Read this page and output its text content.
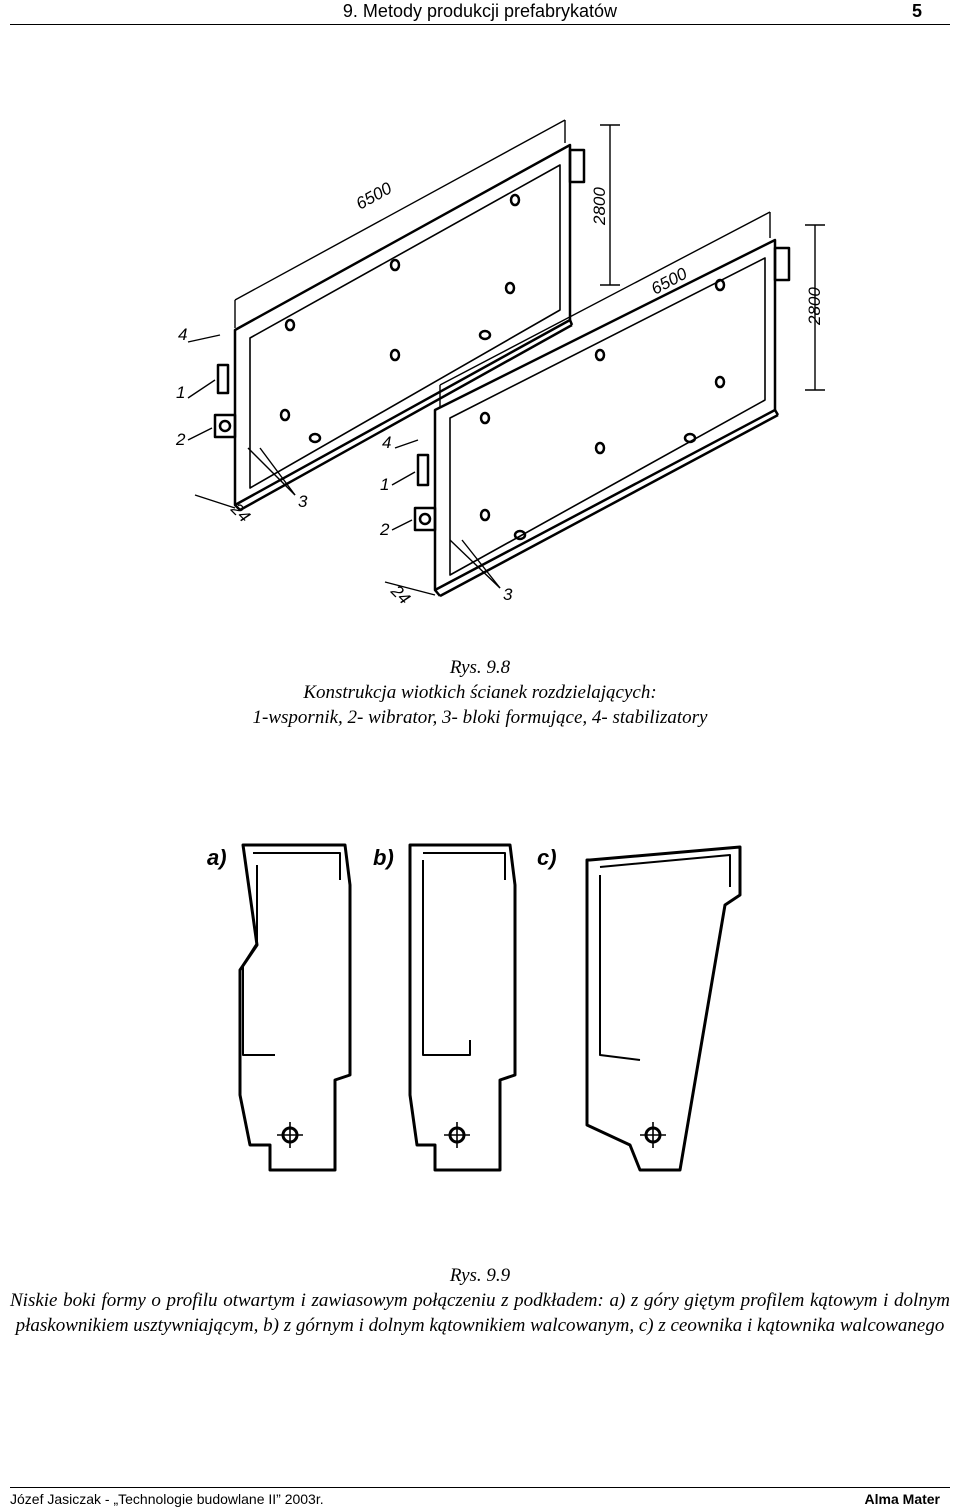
9. Metody produkcji prefabrykatów	5
6500	2800
6500
2800
24
24
4
1
2
3
4
1
2
3
Rys. 9.8
Konstrukcja wiotkich ścianek rozdzielających:
1-wspornik, 2- wibrator, 3- bloki formujące, 4- stabilizatory
a)	b)	c)
Rys. 9.9
Niskie boki formy o profilu otwartym i zawiasowym połączeniu z podkładem: a) z góry giętym profilem kątowym i dolnym płaskownikiem usztywniającym, b) z górnym i dolnym kątownikiem walcowanym, c) z ceownika i kątownika walcowanego
Józef Jasiczak - „Technologie budowlane II” 2003r.	Alma Mater
